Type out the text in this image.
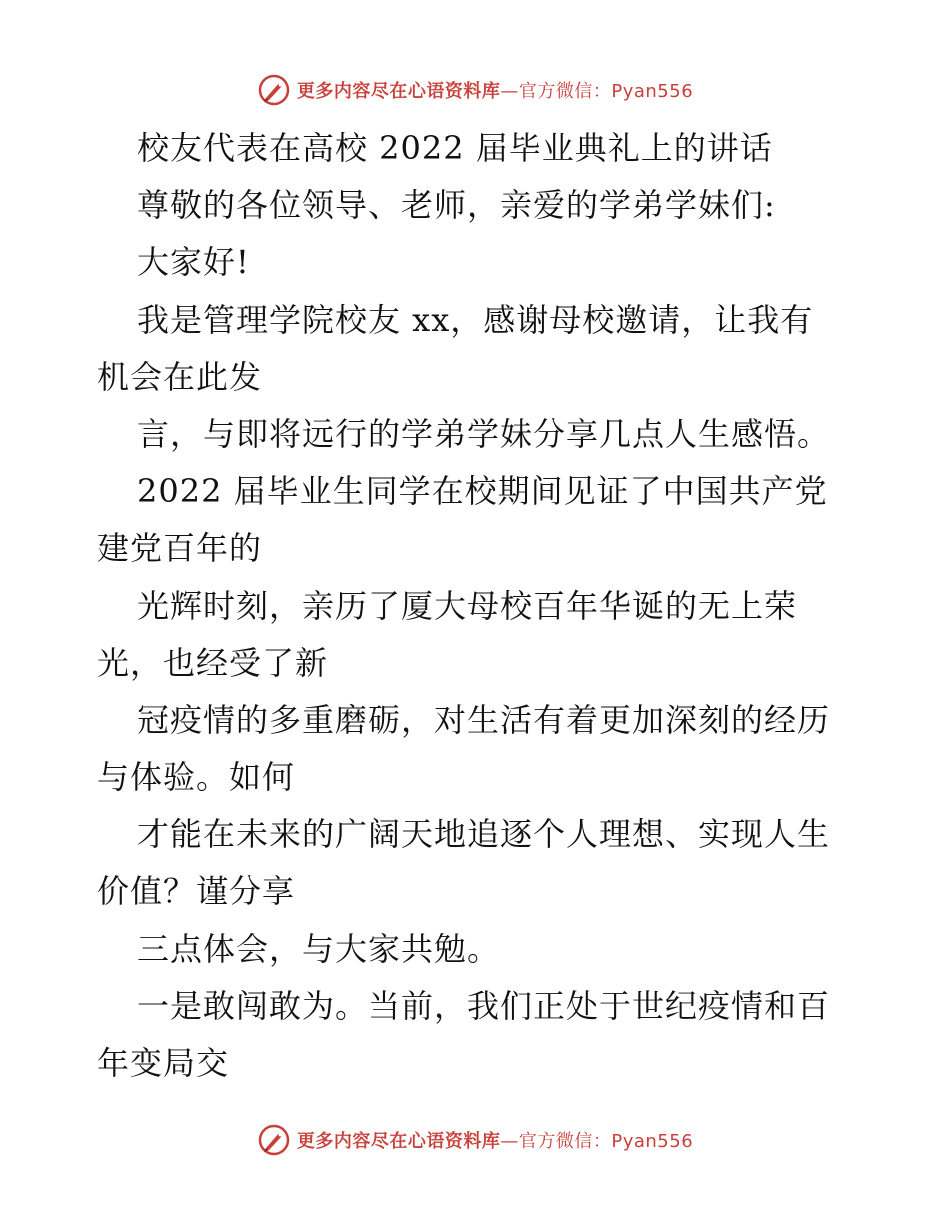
更多内容尽在心语资料库—官方微信：Pyan556
校友代表在高校 2022 届毕业典礼上的讲话
尊敬的各位领导、老师，亲爱的学弟学妹们:
大家好!
我是管理学院校友 xx，感谢母校邀请，让我有
机会在此发
言，与即将远行的学弟学妹分享几点人生感悟。
2022 届毕业生同学在校期间见证了中国共产党
建党百年的
光辉时刻，亲历了厦大母校百年华诞的无上荣
光，也经受了新
冠疫情的多重磨砺，对生活有着更加深刻的经历
与体验。如何
才能在未来的广阔天地追逐个人理想、实现人生
价值？谨分享
三点体会，与大家共勉。
一是敢闯敢为。当前，我们正处于世纪疫情和百
年变局交
更多内容尽在心语资料库—官方微信：Pyan556
